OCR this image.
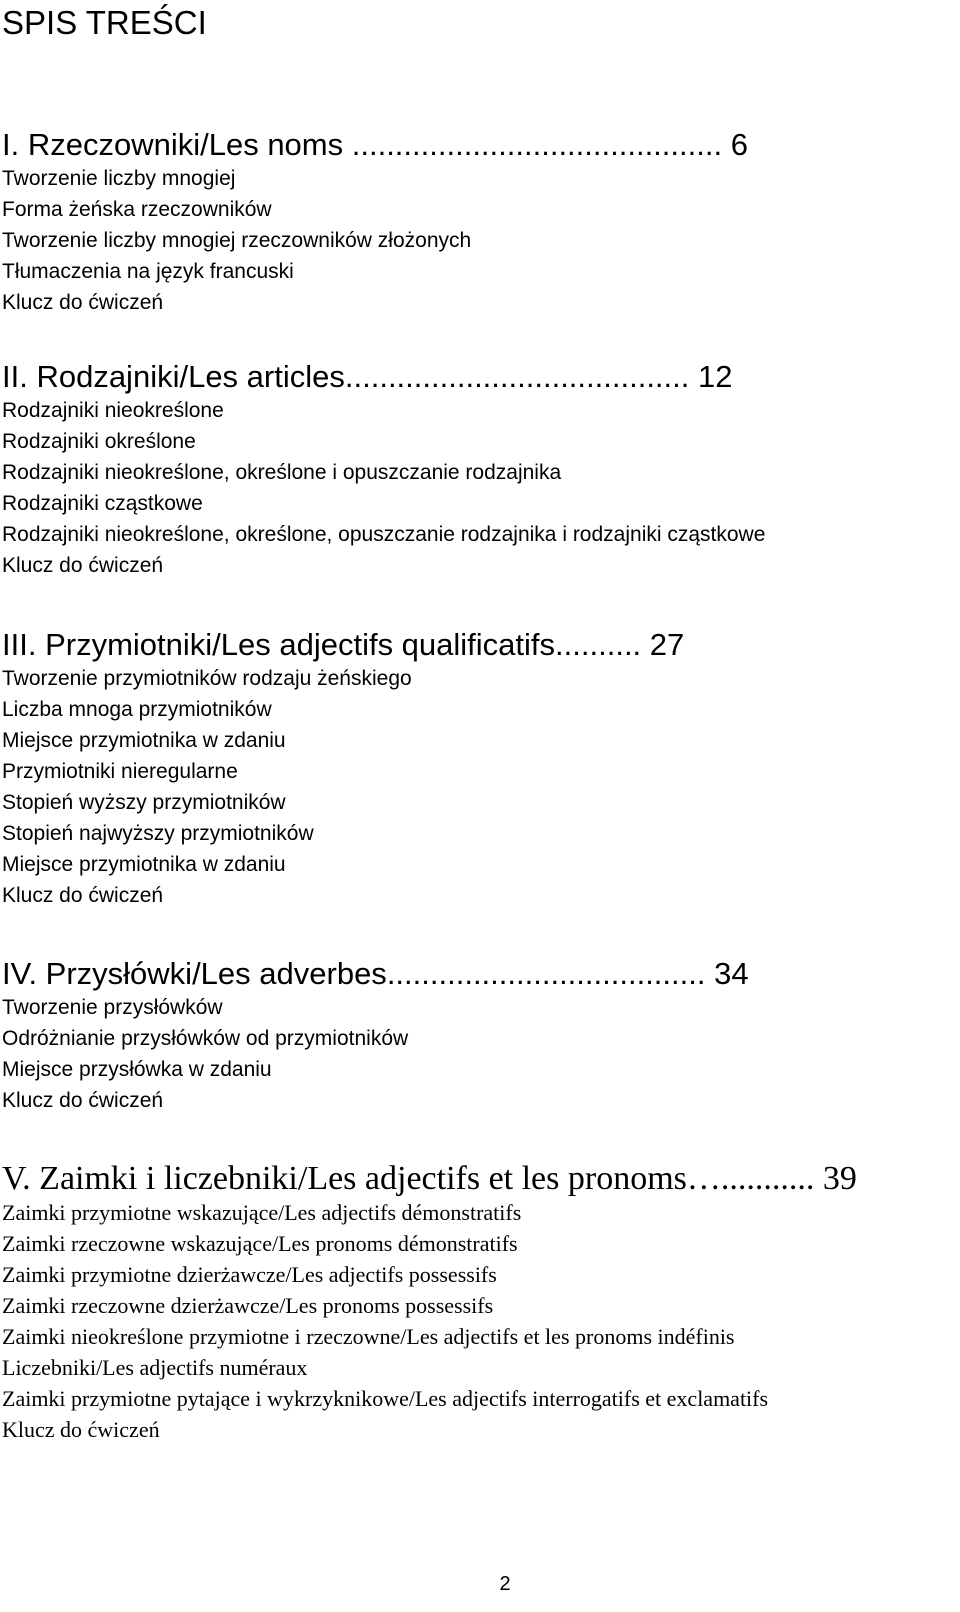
SPIS TREŚCI
I. Rzeczowniki/Les noms ........................................... 6
Tworzenie liczby mnogiej
Forma żeńska rzeczowników
Tworzenie liczby mnogiej rzeczowników złożonych
Tłumaczenia na język francuski
Klucz do ćwiczeń
II. Rodzajniki/Les articles........................................ 12
Rodzajniki nieokreślone
Rodzajniki określone
Rodzajniki nieokreślone, określone i opuszczanie rodzajnika
Rodzajniki cząstkowe
Rodzajniki nieokreślone, określone, opuszczanie rodzajnika i rodzajniki cząstkowe
Klucz do ćwiczeń
III. Przymiotniki/Les adjectifs qualificatifs.......... 27
Tworzenie przymiotników rodzaju żeńskiego
Liczba mnoga przymiotników
Miejsce przymiotnika w zdaniu
Przymiotniki nieregularne
Stopień wyższy przymiotników
Stopień najwyższy przymiotników
Miejsce przymiotnika w zdaniu
Klucz do ćwiczeń
IV. Przysłówki/Les adverbes..................................... 34
Tworzenie przysłówków
Odróżnianie przysłówków od przymiotników
Miejsce przysłówka w zdaniu
Klucz do ćwiczeń
V. Zaimki i liczebniki/Les adjectifs et les pronoms…........... 39
Zaimki przymiotne wskazujące/Les adjectifs démonstratifs
Zaimki rzeczowne wskazujące/Les pronoms démonstratifs
Zaimki przymiotne dzierżawcze/Les adjectifs possessifs
Zaimki rzeczowne dzierżawcze/Les pronoms possessifs
Zaimki nieokreślone przymiotne i rzeczowne/Les adjectifs et les pronoms indéfinis
Liczebniki/Les adjectifs numéraux
Zaimki przymiotne pytające i wykrzyknikowe/Les adjectifs interrogatifs et exclamatifs
Klucz do ćwiczeń
2
